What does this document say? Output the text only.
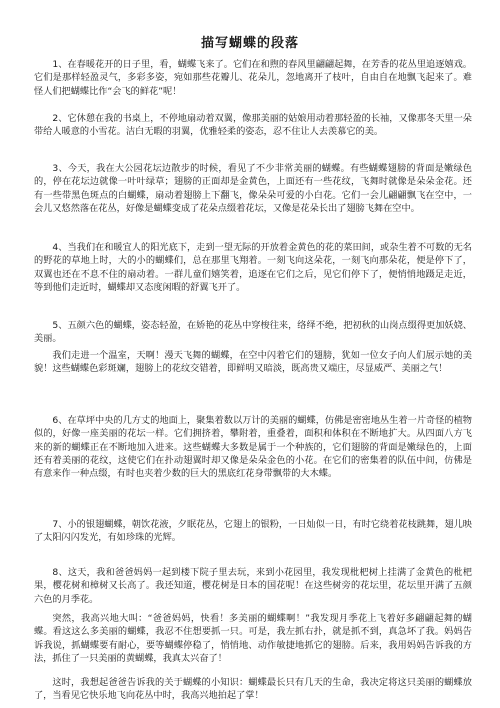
描写蝴蝶的段落

1、在春暖花开的日子里，看，蝴蝶飞来了。它们在和煦的春风里翩翩起舞，在芳香的花丛里追逐嬉戏。它们是那样轻盈灵气，多彩多姿，宛如那些花瓣儿、花朵儿，忽地离开了枝叶，自由自在地飘飞起来了。难怪人们把蝴蝶比作“会飞的鲜花”呢！

2、它休憩在我的书桌上，不停地扇动着双翼，像那美丽的姑娘用动着那轻盈的长袖，又像那冬天里一朵带给人暖意的小雪花。洁白无暇的羽翼，优雅轻柔的姿态，忍不住让人去羡慕它的美。

3、今天，我在大公园花坛边散步的时候，看见了不少非常美丽的蝴蝶。有些蝴蝶翅膀的背面是嫩绿色的，停在花坛边就像一叶叶绿草；翅膀的正面却是金黄色，上面还有一些花纹，飞舞时就像是朵朵金花。还有一些带黑色斑点的白蝴蝶，扇动着翅膀上下翻飞，像朵朵可爱的小白花。它们一会儿翩翩飘飞在空中，一会儿又悠然落在花丛，好像是蝴蝶变成了花朵点缀着花坛，又像是花朵长出了翅膀飞舞在空中。

4、当我们在和暖宜人的阳光底下，走到一望无际的开放着金黄色的花的菜田间，或杂生着不可数的无名的野花的草地上时，大的小的蝴蝶们，总在那里飞翔着。一刻飞向这朵花，一刻飞向那朵花，便是停下了，双翼也还在不息不住的扇动着。一群儿童们嬉笑着，追逐在它们之后，见它们停下了，便悄悄地蹑足走近，等到他们走近时，蝴蝶却又态度闲暇的舒翼飞开了。

5、五颜六色的蝴蝶，姿态轻盈，在娇艳的花丛中穿梭往来，络绎不绝，把初秋的山岗点缀得更加妖娆、美丽。

我们走进一个温室，天啊！漫天飞舞的蝴蝶，在空中闪着它们的翅膀，犹如一位女子向人们展示她的美貌！这些蝴蝶色彩斑斓，翅膀上的花纹交错着，即鲜明又暗淡，既高贵又端庄，尽显威严、美丽之气！

6、在草坪中央的几方丈的地面上，聚集着数以万计的美丽的蝴蝶，仿佛是密密地丛生着一片奇怪的植物似的，好像一座美丽的花坛一样。它们拥挤着，攀附着，重叠着，面积和体积在不断地扩大。从四面八方飞来的新的蝴蝶正在不断地加入进来。这些蝴蝶大多数是属于一个种族的，它们翅膀的背面是嫩绿色的，上面还有着美丽的花纹，这使它们在扑动翅翼时却又像是朵朵金色的小花。在它们的密集着的队伍中间，仿佛是有意来作一种点缀，有时也夹着少数的巨大的黑底红花身带飘带的大木蝶。

7、小的银翅蝴蝶，朝饮花液，夕眠花丛，它翅上的银粉，一日灿似一日，有时它绕着花枝跳舞，翅儿映了太阳闪闪发光，有如珍珠的光辉。

8、这天，我和爸爸妈妈一起到楼下院子里去玩，来到小花园里，我发现枇杷树上挂满了金黄色的枇杷果，樱花树和樟树又长高了。我还知道，樱花树是日本的国花呢！在这些树旁的花坛里，花坛里开满了五颜六色的月季花。

突然，我高兴地大叫：“爸爸妈妈，快看！多美丽的蝴蝶啊！”我发现月季花上飞着好多翩翩起舞的蝴蝶。看这这么多美丽的蝴蝶，我忍不住想要抓一只。可是，我左抓右扑，就是抓不到，真急坏了我。妈妈告诉我说，抓蝴蝶要有耐心，要等蝴蝶停稳了，悄悄地、动作敏捷地抓它的翅膀。后来，我用妈妈告诉我的方法，抓住了一只美丽的黄蝴蝶，我真太兴奋了！

这时，我想起爸爸告诉我的关于蝴蝶的小知识：蝴蝶最长只有几天的生命，我决定将这只美丽的蝴蝶放了，当看见它快乐地飞向花丛中时，我高兴地拍起了掌！
